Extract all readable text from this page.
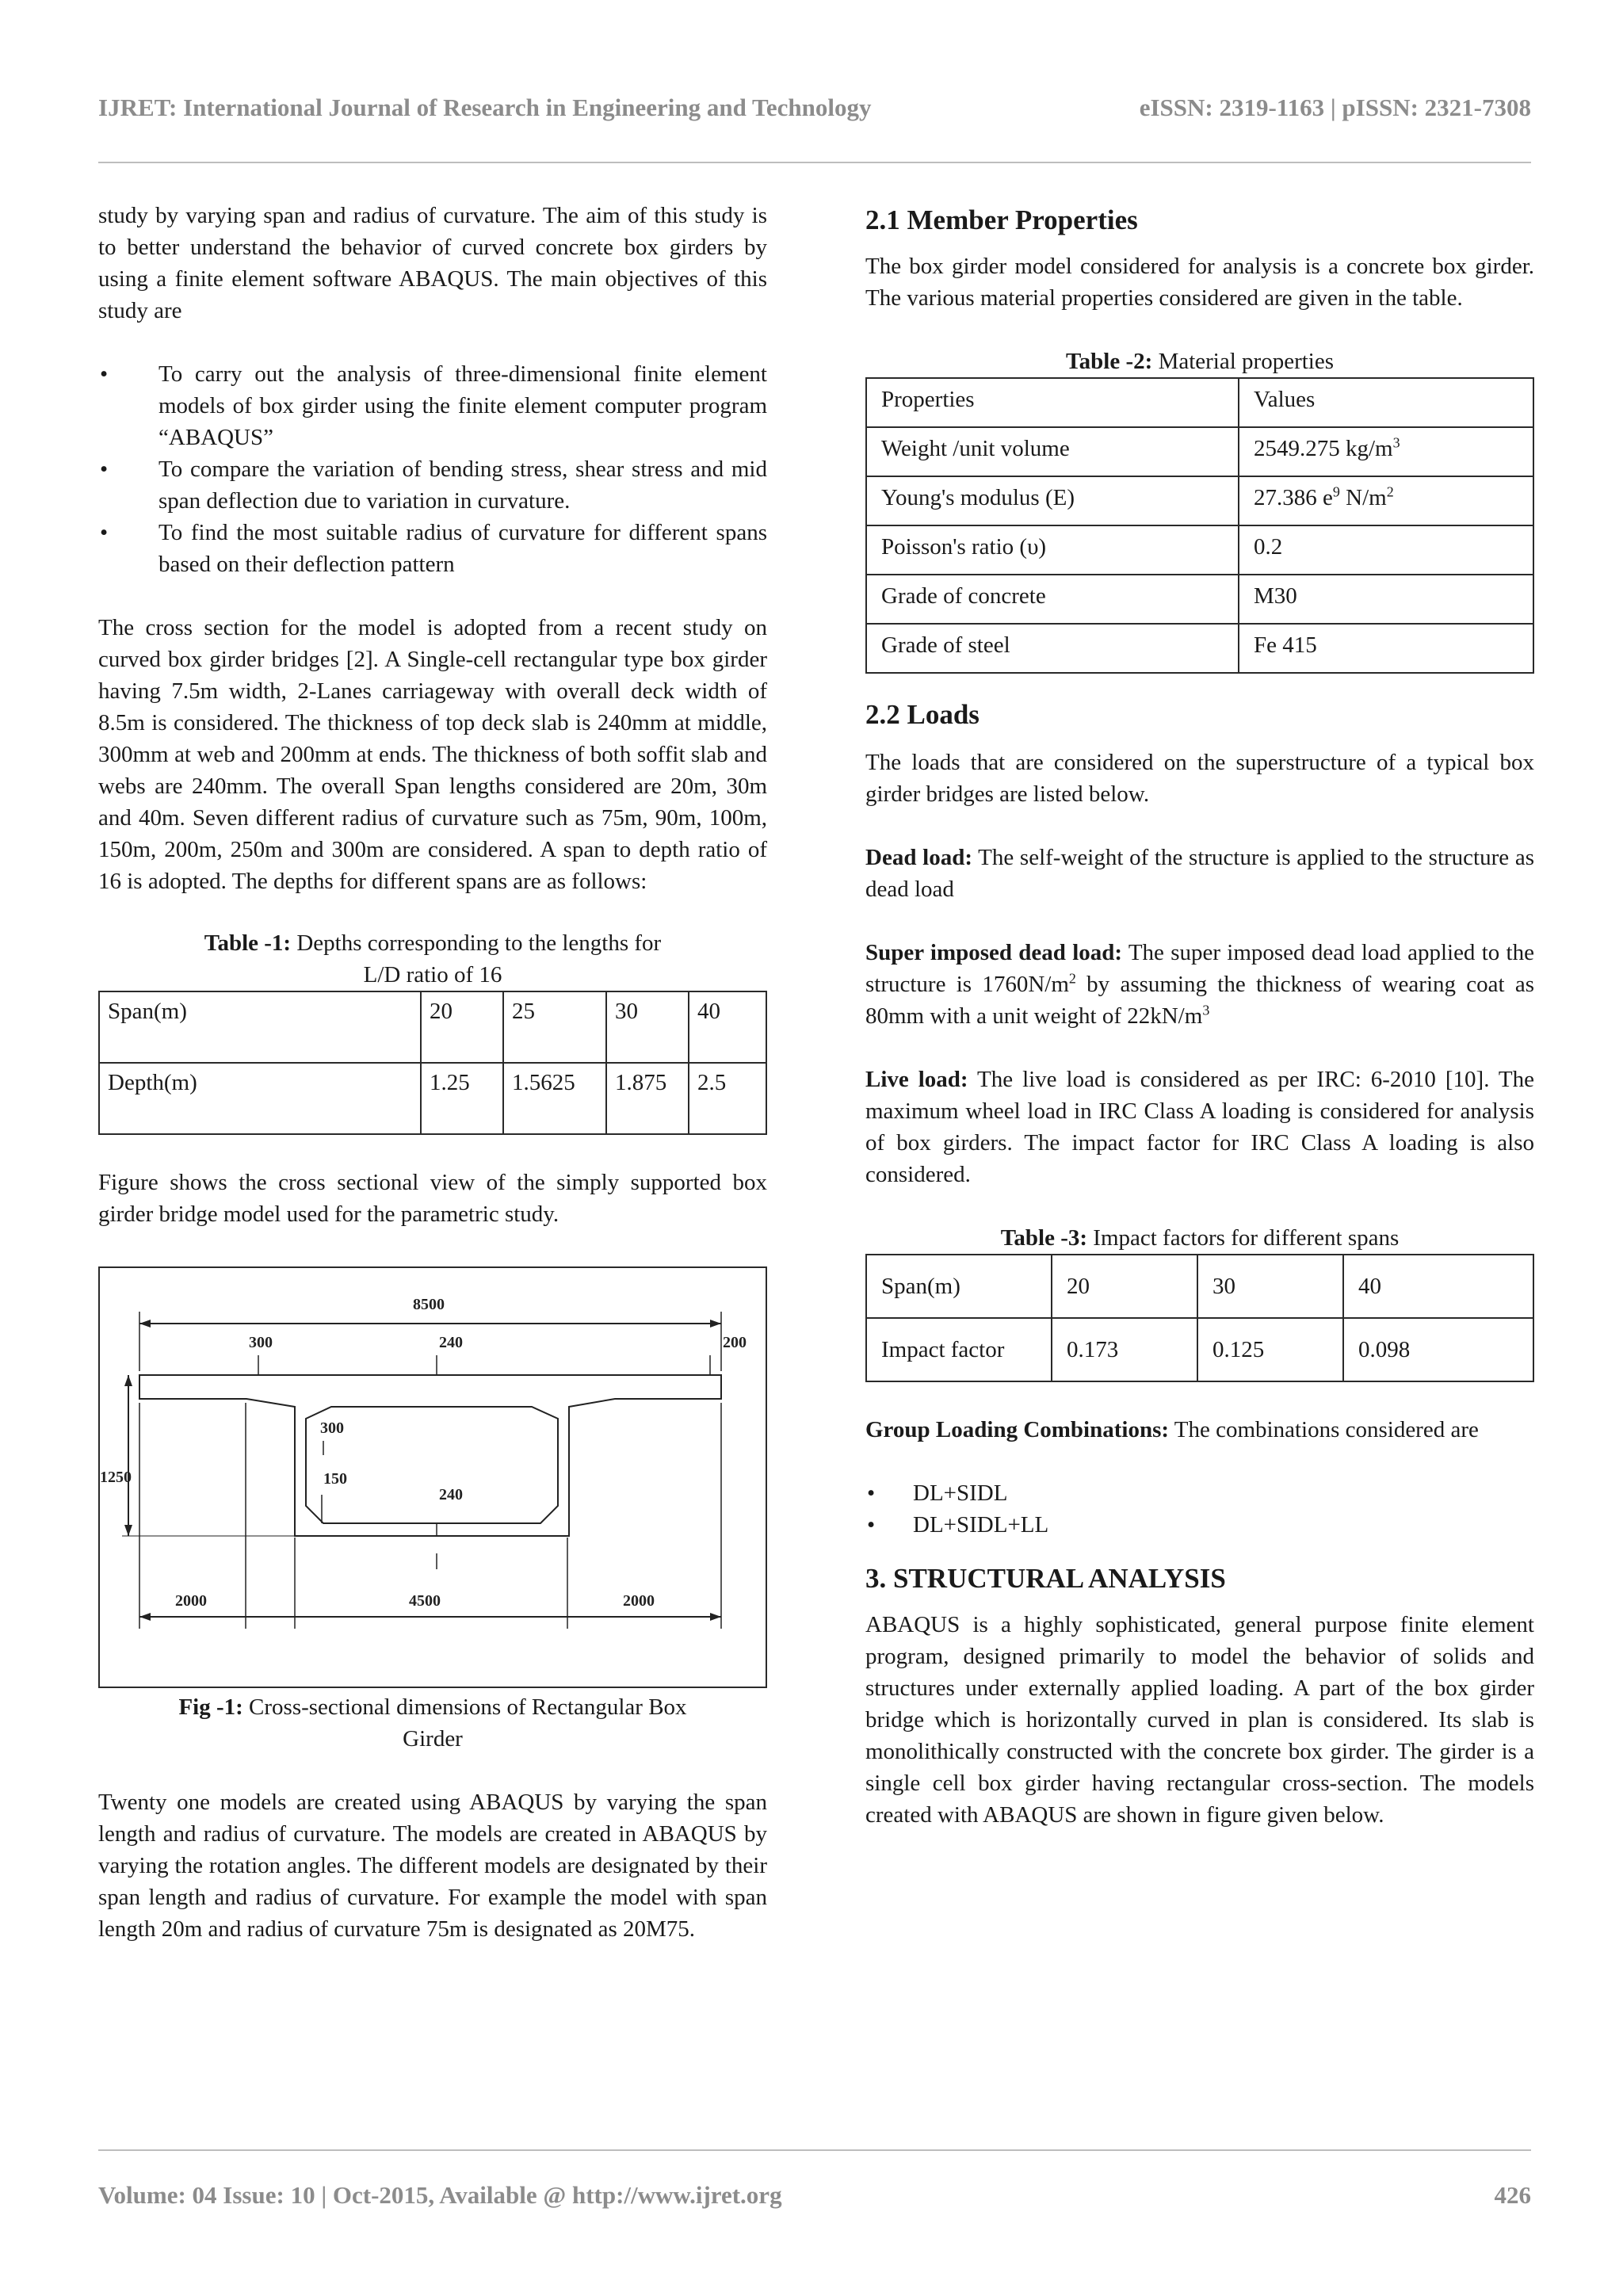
IJRET: International Journal of Research in Engineering and Technology	eISSN: 2319-1163 | pISSN: 2321-7308

study by varying span and radius of curvature. The aim of this study is to better understand the behavior of curved concrete box girders by using a finite element software ABAQUS. The main objectives of this study are

• To carry out the analysis of three-dimensional finite element models of box girder using the finite element computer program “ABAQUS”
• To compare the variation of bending stress, shear stress and mid span deflection due to variation in curvature.
• To find the most suitable radius of curvature for different spans based on their deflection pattern

The cross section for the model is adopted from a recent study on curved box girder bridges [2]. A Single-cell rectangular type box girder having 7.5m width, 2-Lanes carriageway with overall deck width of 8.5m is considered. The thickness of top deck slab is 240mm at middle, 300mm at web and 200mm at ends. The thickness of both soffit slab and webs are 240mm. The overall Span lengths considered are 20m, 30m and 40m. Seven different radius of curvature such as 75m, 90m, 100m, 150m, 200m, 250m and 300m are considered. A span to depth ratio of 16 is adopted. The depths for different spans are as follows:

Table -1: Depths corresponding to the lengths for
L/D ratio of 16
Span(m)	20	25	30	40
Depth(m)	1.25	1.5625	1.875	2.5

Figure shows the cross sectional view of the simply supported box girder bridge model used for the parametric study.

8500
300	240	200
300
1250	150
240
2000	4500	2000
Fig -1: Cross-sectional dimensions of Rectangular Box
Girder

Twenty one models are created using ABAQUS by varying the span length and radius of curvature. The models are created in ABAQUS by varying the rotation angles. The different models are designated by their span length and radius of curvature. For example the model with span length 20m and radius of curvature 75m is designated as 20M75.

2.1 Member Properties

The box girder model considered for analysis is a concrete box girder. The various material properties considered are given in the table.

Table -2: Material properties
Properties	Values
Weight /unit volume	2549.275 $kg/m^3$
Young's modulus (E)	27.386 $e^9$ $N/m^2$
Poisson's ratio (υ)	0.2
Grade of concrete	M30
Grade of steel	Fe 415
2.2 Loads

The loads that are considered on the superstructure of a typical box girder bridges are listed below.

Dead load: The self-weight of the structure is applied to the structure as dead load

Super imposed dead load: The super imposed dead load applied to the structure is $1760N/m^2$ by assuming the thickness of wearing coat as 80mm with a unit weight of $22kN/m^3$

Live load: The live load is considered as per IRC: 6-2010 [10]. The maximum wheel load in IRC Class A loading is considered for analysis of box girders. The impact factor for IRC Class A loading is also considered.

Table -3: Impact factors for different spans
Span(m)	20	30	40
Impact factor	0.173	0.125	0.098

Group Loading Combinations: The combinations considered are

• DL+SIDL
• DL+SIDL+LL
3. STRUCTURAL ANALYSIS

ABAQUS is a highly sophisticated, general purpose finite element program, designed primarily to model the behavior of solids and structures under externally applied loading. A part of the box girder bridge which is horizontally curved in plan is considered. Its slab is monolithically constructed with the concrete box girder. The girder is a single cell box girder having rectangular cross-section. The models created with ABAQUS are shown in figure given below.

Volume: 04 Issue: 10 | Oct-2015, Available @ http://www.ijret.org	426
